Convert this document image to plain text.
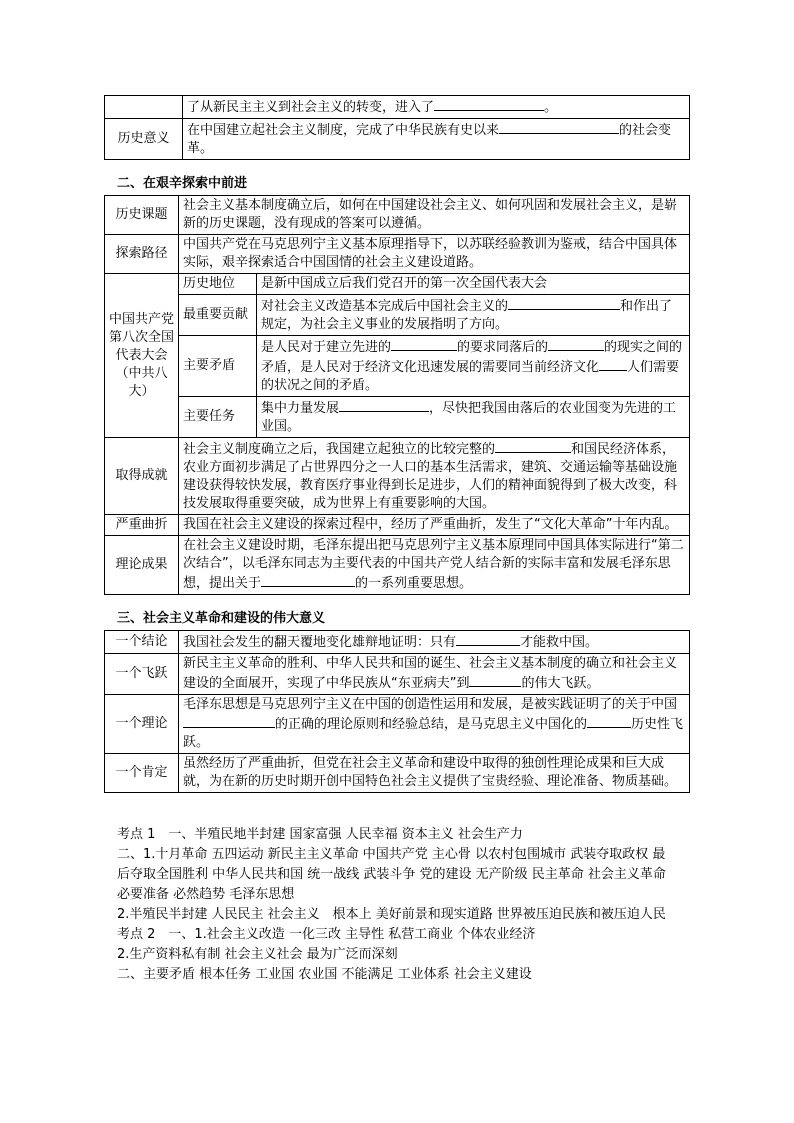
	了从新民主主义到社会主义的转变，进入了 。
历史意义	在中国建立起社会主义制度，完成了中华民族有史以来 的社会变革。
二、在艰辛探索中前进
历史课题	社会主义基本制度确立后，如何在中国建设社会主义、如何巩固和发展社会主义，是崭新的历史课题，没有现成的答案可以遵循。	
探索路径	中国共产党在马克思列宁主义基本原理指导下，以苏联经验教训为鉴戒，结合中国具体实际，艰辛探索适合中国国情的社会主义建设道路。	
中国共产党第八次全国代表大会（中共八大）	历史地位	是新中国成立后我们党召开的第一次全国代表大会
	最重要贡献	对社会主义改造基本完成后中国社会主义的 和作出了规定，为社会主义事业的发展指明了方向。
	主要矛盾	是人民对于建立先进的 的要求同落后的 的现实之间的矛盾，是人民对于经济文化迅速发展的需要同当前经济文化 人们需要的状况之间的矛盾。
	主要任务	集中力量发展 ，尽快把我国由落后的农业国变为先进的工业国。
取得成就	社会主义制度确立之后，我国建立起独立的比较完整的 和国民经济体系，农业方面初步满足了占世界四分之一人口的基本生活需求，建筑、交通运输等基础设施建设获得较快发展，教育医疗事业得到长足进步，人们的精神面貌得到了极大改变，科技发展取得重要突破，成为世界上有重要影响的大国。	
严重曲折	我国在社会主义建设的探索过程中，经历了严重曲折，发生了“文化大革命”十年内乱。	
理论成果	在社会主义建设时期，毛泽东提出把马克思列宁主义基本原理同中国具体实际进行“第二次结合”，以毛泽东同志为主要代表的中国共产党人结合新的实际丰富和发展毛泽东思想，提出关于 的一系列重要思想。	
三、社会主义革命和建设的伟大意义
一个结论	我国社会发生的翻天覆地变化雄辩地证明：只有 才能救中国。
一个飞跃	新民主主义革命的胜利、中华人民共和国的诞生、社会主义基本制度的确立和社会主义建设的全面展开，实现了中华民族从“东亚病夫”到 的伟大飞跃。
一个理论	毛泽东思想是马克思列宁主义在中国的创造性运用和发展，是被实践证明了的关于中国的正确的理论原则和经验总结，是马克思主义中国化的 历史性飞跃。
一个肯定	虽然经历了严重曲折，但党在社会主义革命和建设中取得的独创性理论成果和巨大成就，为在新的历史时期开创中国特色社会主义提供了宝贵经验、理论准备、物质基础。

考点 1　一、半殖民地半封建 国家富强 人民幸福 资本主义 社会生产力

二、1.十月革命 五四运动 新民主主义革命 中国共产党 主心骨 以农村包围城市 武装夺取政权 最后夺取全国胜利 中华人民共和国 统一战线 武装斗争 党的建设 无产阶级 民主革命 社会主义革命 必要准备 必然趋势 毛泽东思想

2.半殖民半封建 人民民主 社会主义　根本上 美好前景和现实道路 世界被压迫民族和被压迫人民

考点 2　一、1.社会主义改造 一化三改 主导性 私营工商业 个体农业经济

2.生产资料私有制 社会主义社会 最为广泛而深刻

二、主要矛盾 根本任务 工业国 农业国 不能满足 工业体系 社会主义建设
